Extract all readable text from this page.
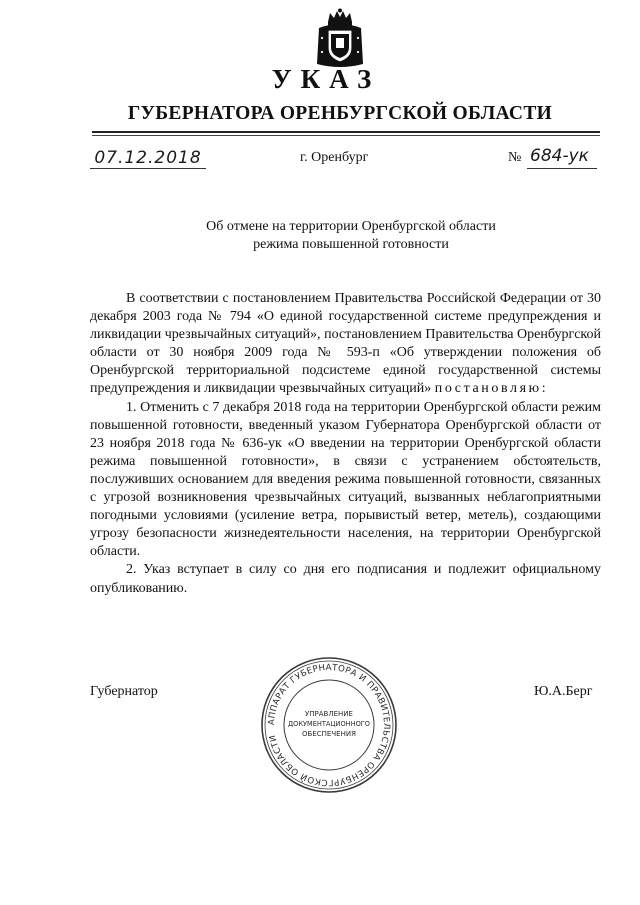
УКАЗ
ГУБЕРНАТОРА ОРЕНБУРГСКОЙ ОБЛАСТИ
07.12.2018	г. Оренбург	№ 684-ук
Об отмене на территории Оренбургской области
режима повышенной готовности

В соответствии с постановлением Правительства Российской Федерации от 30 декабря 2003 года № 794 «О единой государственной системе предупреждения и ликвидации чрезвычайных ситуаций», постановлением Правительства Оренбургской области от 30 ноября 2009 года № 593-п «Об утверждении положения об Оренбургской территориальной подсистеме единой государственной системы предупреждения и ликвидации чрезвычайных ситуаций» постановляю:

1. Отменить с 7 декабря 2018 года на территории Оренбургской области режим повышенной готовности, введенный указом Губернатора Оренбургской области от 23 ноября 2018 года № 636-ук «О введении на территории Оренбургской области режима повышенной готовности», в связи с устранением обстоятельств, послуживших основанием для введения режима повышенной готовности, связанных с угрозой возникновения чрезвычайных ситуаций, вызванных неблагоприятными погодными условиями (усиление ветра, порывистый ветер, метель), создающими угрозу безопасности жизнедеятельности населения, на территории Оренбургской области.

2. Указ вступает в силу со дня его подписания и подлежит официальному опубликованию.

Губернатор	Ю.А.Берг
АППАРАТ ГУБЕРНАТОРА И ПРАВИТЕЛЬСТВА ОРЕНБУРГСКОЙ ОБЛАСТИ
УПРАВЛЕНИЕ
ДОКУМЕНТАЦИОННОГО
ОБЕСПЕЧЕНИЯ
